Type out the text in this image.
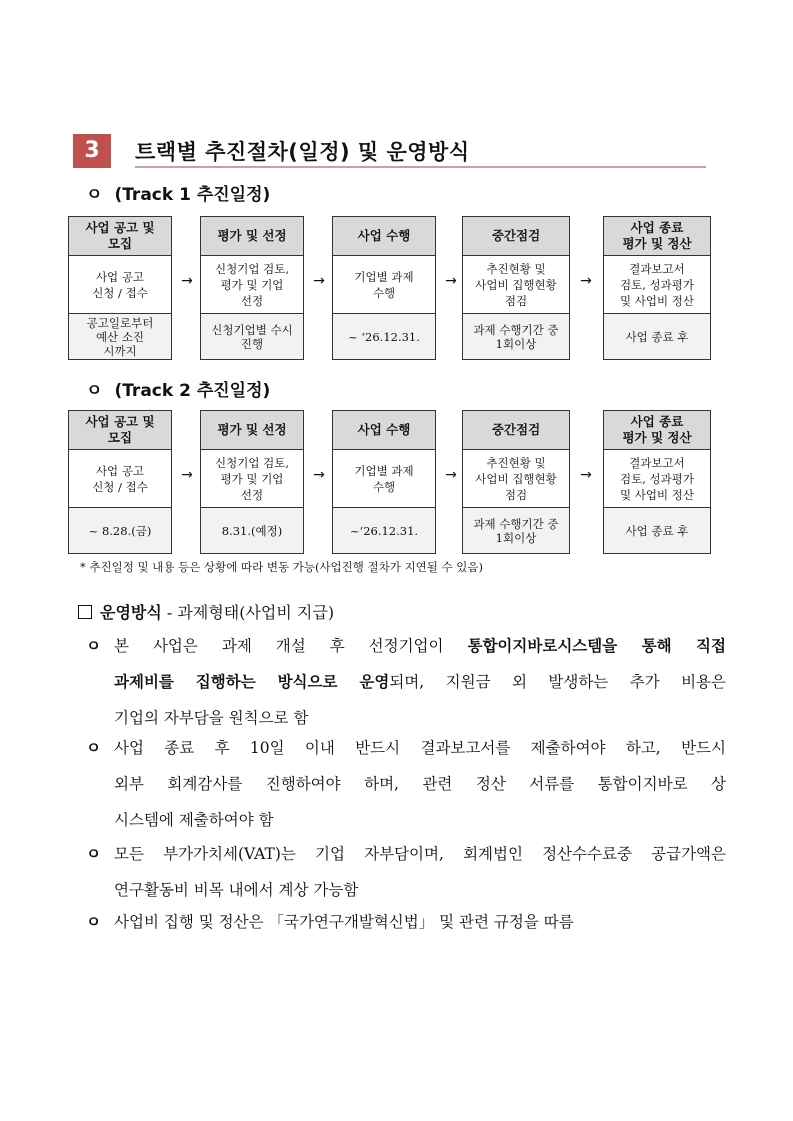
3	트랙별 추진절차(일정) 및 운영방식
ㅇ (Track 1 추진일정)
사업 공고 및
모집
사업 공고
신청 / 접수
공고일로부터
예산 소진
시까지
→
평가 및 선정
신청기업 검토,
평가 및 기업
선정
신청기업별 수시
진행
→
사업 수행
기업별 과제
수행
~ ‘26.12.31.
→
중간점검
추진현황 및
사업비 집행현황
점검
과제 수행기간 중
1회이상
→
사업 종료
평가 및 정산
결과보고서
검토, 성과평가
및 사업비 정산
사업 종료 후
ㅇ (Track 2 추진일정)
사업 공고 및
모집
사업 공고
신청 / 접수
~ 8.28.(금)
→
평가 및 선정
신청기업 검토,
평가 및 기업
선정
8.31.(예정)
→
사업 수행
기업별 과제
수행
~‘26.12.31.
→
중간점검
추진현황 및
사업비 집행현황
점검
과제 수행기간 중
1회이상
→
사업 종료
평가 및 정산
결과보고서
검토, 성과평가
및 사업비 정산
사업 종료 후
* 추진일정 및 내용 등은 상황에 따라 변동 가능(사업진행 절차가 지연될 수 있음)
운영방식 - 과제형태(사업비 지급)
ㅇ 본 사업은 과제 개설 후 선정기업이 통합이지바로시스템을 통해 직접
과제비를 집행하는 방식으로 운영되며, 지원금 외 발생하는 추가 비용은
기업의 자부담을 원칙으로 함
ㅇ 사업 종료 후 10일 이내 반드시 결과보고서를 제출하여야 하고, 반드시
외부 회계감사를 진행하여야 하며, 관련 정산 서류를 통합이지바로 상
시스템에 제출하여야 함
ㅇ 모든 부가가치세(VAT)는 기업 자부담이며, 회계법인 정산수수료중 공급가액은
연구활동비 비목 내에서 계상 가능함
ㅇ 사업비 집행 및 정산은 「국가연구개발혁신법」 및 관련 규정을 따름
